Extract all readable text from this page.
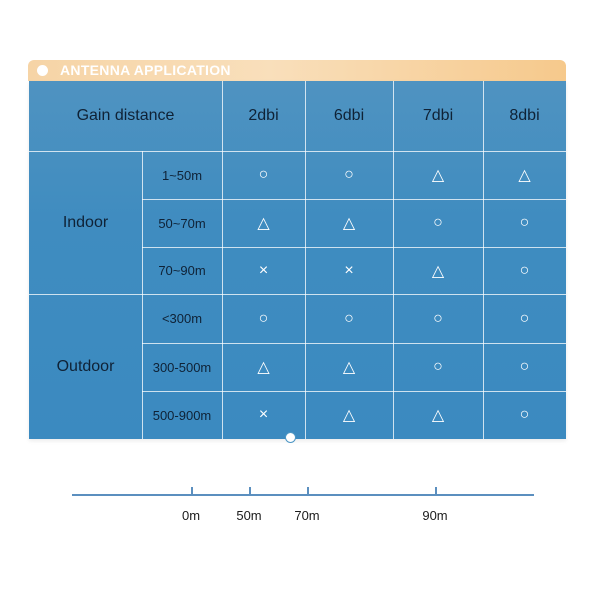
ANTENNA APPLICATION
Gain distance	2dbi	6dbi	7dbi	8dbi
Indoor
1~50m	○	○	△	△
50~70m	△	△	○	○
70~90m	×	×	△	○
Outdoor
<300m	○	○	○	○
300-500m	△	△	○	○
500-900m	×	△	△	○
0m	50m	70m	90m
